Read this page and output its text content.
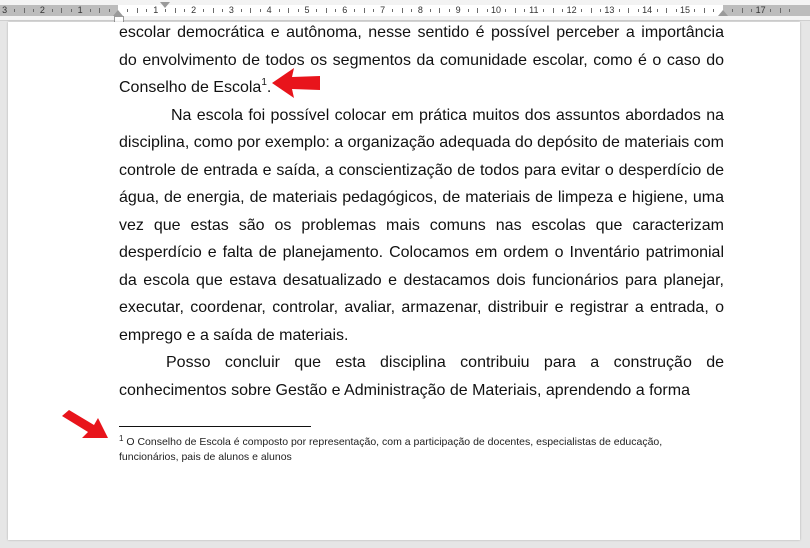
3	2	1	1	2	3	4	5	6	7	8	9	10	11	12	13	14	15	17

escolar democrática e autônoma, nesse sentido é possível perceber a importância do envolvimento de todos os segmentos da comunidade escolar, como é o caso do Conselho de Escola$^1$.

Na escola foi possível colocar em prática muitos dos assuntos abordados na disciplina, como por exemplo: a organização adequada do depósito de materiais com controle de entrada e saída, a conscientização de todos para evitar o desperdício de água, de energia, de materiais pedagógicos, de materiais de limpeza e higiene, uma vez que estas são os problemas mais comuns nas escolas que caracterizam desperdício e falta de planejamento. Colocamos em ordem o Inventário patrimonial da escola que estava desatualizado e destacamos dois funcionários para planejar, executar, coordenar, controlar, avaliar, armazenar, distribuir e registrar a entrada, o emprego e a saída de materiais.

Posso concluir que esta disciplina contribuiu para a construção de conhecimentos sobre Gestão e Administração de Materiais, aprendendo a forma

$^1$ O Conselho de Escola é composto por representação, com a participação de docentes, especialistas de educação, funcionários, pais de alunos e alunos
